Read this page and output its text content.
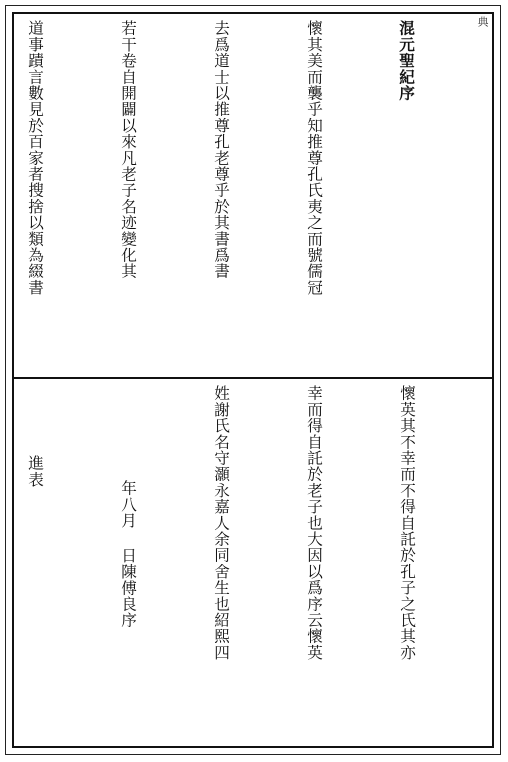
典

混元聖紀序

懷其美而襲乎知推尊孔氏夷之而號儒冠

去爲道士以推尊孔老尊乎於其書爲書

若干卷自開闢以來凡老子名迹變化其

道事蹟言數見於百家者搜捨以類為綴書

懷英其不幸而不得自託於孔子之氏其亦

幸而得自託於老子也大因以爲序云懷英

姓謝氏名守灝永嘉人余同舍生也紹熙四

年八月 日陳傅良序

進表
